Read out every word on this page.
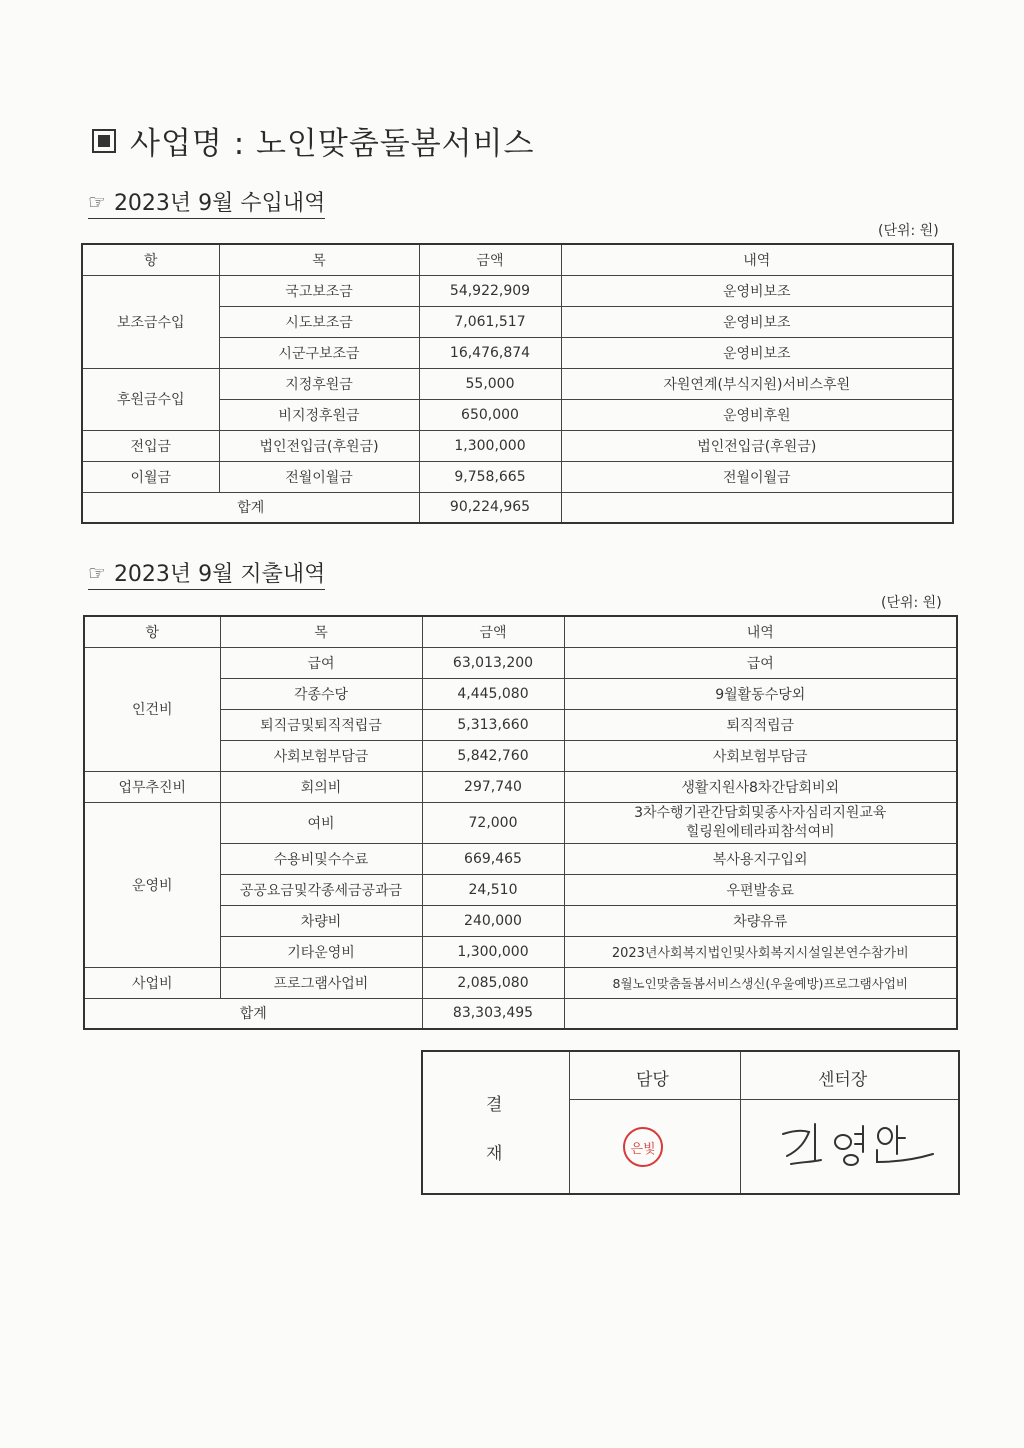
사업명 : 노인맞춤돌봄서비스
☞ 2023년 9월 수입내역
(단위: 원)
항	목	금액	내역
보조금수입	국고보조금	54,922,909	운영비보조
	시도보조금	7,061,517	운영비보조
	시군구보조금	16,476,874	운영비보조
후원금수입	지정후원금	55,000	자원연계(부식지원)서비스후원
	비지정후원금	650,000	운영비후원
전입금	법인전입금(후원금)	1,300,000	법인전입금(후원금)
이월금	전월이월금	9,758,665	전월이월금
합계		90,224,965	
☞ 2023년 9월 지출내역
(단위: 원)
항	목	금액	내역
인건비	급여	63,013,200	급여
	각종수당	4,445,080	9월활동수당외
	퇴직금및퇴직적립금	5,313,660	퇴직적립금
	사회보험부담금	5,842,760	사회보험부담금
업무추진비	회의비	297,740	생활지원사8차간담회비외
운영비	여비	72,000	3차수행기관간담회및종사자심리지원교육
힐링원에테라피참석여비

	수용비및수수료	669,465	복사용지구입외
	공공요금및각종세금공과금	24,510	우편발송료
	차량비	240,000	차량유류
	기타운영비	1,300,000	2023년사회복지법인및사회복지시설일본연수참가비
사업비	프로그램사업비	2,085,080	8월노인맞춤돌봄서비스생신(우울예방)프로그램사업비
합계		83,303,495	
결
재
담당	센터장
은빛
